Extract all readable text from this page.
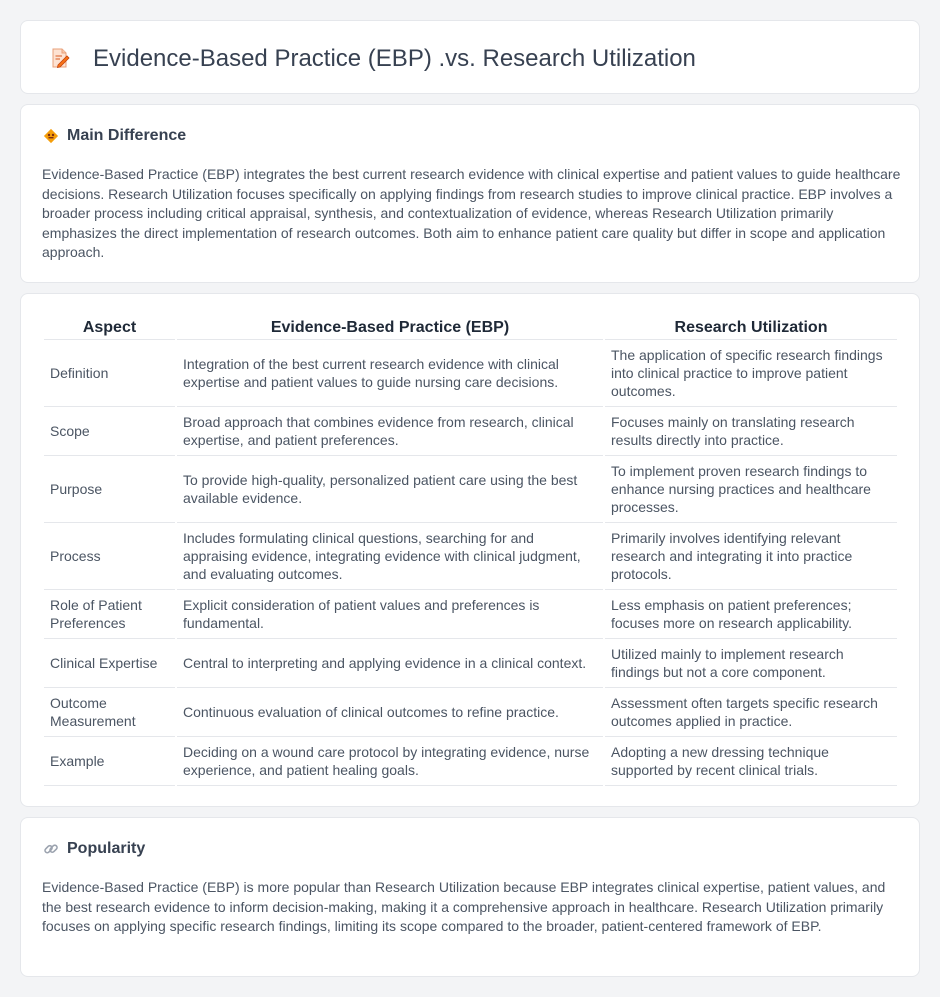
Evidence-Based Practice (EBP) .vs. Research Utilization
Main Difference

Evidence-Based Practice (EBP) integrates the best current research evidence with clinical expertise and patient values to guide healthcare decisions. Research Utilization focuses specifically on applying findings from research studies to improve clinical practice. EBP involves a broader process including critical appraisal, synthesis, and contextualization of evidence, whereas Research Utilization primarily emphasizes the direct implementation of research outcomes. Both aim to enhance patient care quality but differ in scope and application approach.

Aspect	Evidence-Based Practice (EBP)	Research Utilization
Definition	Integration of the best current research evidence with clinical expertise and patient values to guide nursing care decisions.	The application of specific research findings into clinical practice to improve patient outcomes.
Scope	Broad approach that combines evidence from research, clinical expertise, and patient preferences.	Focuses mainly on translating research results directly into practice.
Purpose	To provide high-quality, personalized patient care using the best available evidence.	To implement proven research findings to enhance nursing practices and healthcare processes.
Process	Includes formulating clinical questions, searching for and appraising evidence, integrating evidence with clinical judgment, and evaluating outcomes.	Primarily involves identifying relevant research and integrating it into practice protocols.
Role of Patient Preferences	Explicit consideration of patient values and preferences is fundamental.	Less emphasis on patient preferences; focuses more on research applicability.
Clinical Expertise	Central to interpreting and applying evidence in a clinical context.	Utilized mainly to implement research findings but not a core component.
Outcome Measurement	Continuous evaluation of clinical outcomes to refine practice.	Assessment often targets specific research outcomes applied in practice.
Example	Deciding on a wound care protocol by integrating evidence, nurse experience, and patient healing goals.	Adopting a new dressing technique supported by recent clinical trials.
Popularity

Evidence-Based Practice (EBP) is more popular than Research Utilization because EBP integrates clinical expertise, patient values, and the best research evidence to inform decision-making, making it a comprehensive approach in healthcare. Research Utilization primarily focuses on applying specific research findings, limiting its scope compared to the broader, patient-centered framework of EBP.
